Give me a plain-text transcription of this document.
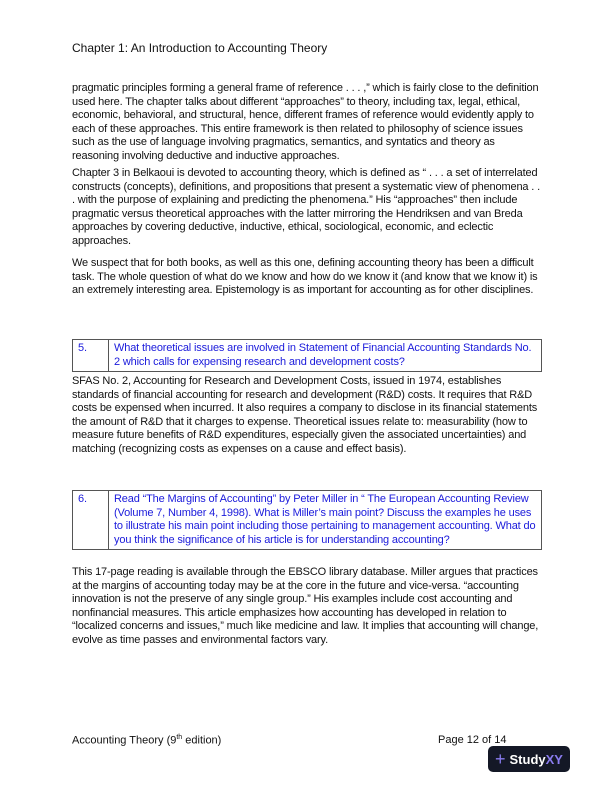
Chapter 1: An Introduction to Accounting Theory
pragmatic principles forming a general frame of reference . . . ,” which is fairly close to the definition used here. The chapter talks about different “approaches” to theory, including tax, legal, ethical, economic, behavioral, and structural, hence, different frames of reference would evidently apply to each of these approaches. This entire framework is then related to philosophy of science issues such as the use of language involving pragmatics, semantics, and syntatics and theory as reasoning involving deductive and inductive approaches.
Chapter 3 in Belkaoui is devoted to accounting theory, which is defined as “ . . . a set of interrelated constructs (concepts), definitions, and propositions that present a systematic view of phenomena . . . with the purpose of explaining and predicting the phenomena.” His “approaches” then include pragmatic versus theoretical approaches with the latter mirroring the Hendriksen and van Breda approaches by covering deductive, inductive, ethical, sociological, economic, and eclectic approaches.
We suspect that for both books, as well as this one, defining accounting theory has been a difficult task. The whole question of what do we know and how do we know it (and know that we know it) is an extremely interesting area. Epistemology is as important for accounting as for other disciplines.
5.	What theoretical issues are involved in Statement of Financial Accounting Standards No. 2 which calls for expensing research and development costs?
SFAS No. 2, Accounting for Research and Development Costs, issued in 1974, establishes standards of financial accounting for research and development (R&D) costs. It requires that R&D costs be expensed when incurred. It also requires a company to disclose in its financial statements the amount of R&D that it charges to expense. Theoretical issues relate to: measurability (how to measure future benefits of R&D expenditures, especially given the associated uncertainties) and matching (recognizing costs as expenses on a cause and effect basis).
6.	Read “The Margins of Accounting” by Peter Miller in “ The European Accounting Review (Volume 7, Number 4, 1998). What is Miller’s main point? Discuss the examples he uses to illustrate his main point including those pertaining to management accounting. What do you think the significance of his article is for understanding accounting?
This 17-page reading is available through the EBSCO library database. Miller argues that practices at the margins of accounting today may be at the core in the future and vice-versa. “accounting innovation is not the preserve of any single group.” His examples include cost accounting and nonfinancial measures. This article emphasizes how accounting has developed in relation to “localized concerns and issues,” much like medicine and law. It implies that accounting will change, evolve as time passes and environmental factors vary.
Accounting Theory (9th edition)	Page 12 of 14
+ StudyXY
